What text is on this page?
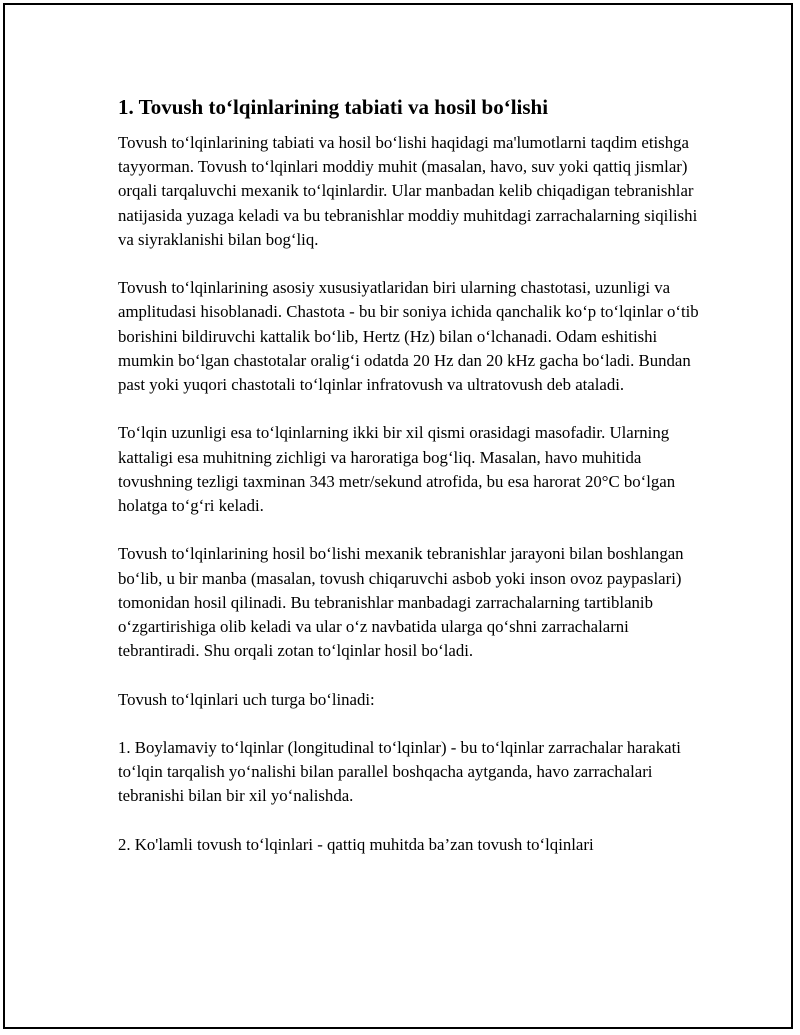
1. Tovush to‘lqinlarining tabiati va hosil bo‘lishi

Tovush to‘lqinlarining tabiati va hosil bo‘lishi haqidagi ma'lumotlarni taqdim etishga tayyorman. Tovush to‘lqinlari moddiy muhit (masalan, havo, suv yoki qattiq jismlar) orqali tarqaluvchi mexanik to‘lqinlardir. Ular manbadan kelib chiqadigan tebranishlar natijasida yuzaga keladi va bu tebranishlar moddiy muhitdagi zarrachalarning siqilishi va siyraklanishi bilan bog‘liq.

Tovush to‘lqinlarining asosiy xususiyatlaridan biri ularning chastotasi, uzunligi va amplitudasi hisoblanadi. Chastota - bu bir soniya ichida qanchalik ko‘p to‘lqinlar o‘tib borishini bildiruvchi kattalik bo‘lib, Hertz (Hz) bilan o‘lchanadi. Odam eshitishi mumkin bo‘lgan chastotalar oralig‘i odatda 20 Hz dan 20 kHz gacha bo‘ladi. Bundan past yoki yuqori chastotali to‘lqinlar infratovush va ultratovush deb ataladi.

To‘lqin uzunligi esa to‘lqinlarning ikki bir xil qismi orasidagi masofadir. Ularning kattaligi esa muhitning zichligi va haroratiga bog‘liq. Masalan, havo muhitida tovushning tezligi taxminan 343 metr/sekund atrofida, bu esa harorat 20°C bo‘lgan holatga to‘g‘ri keladi.

Tovush to‘lqinlarining hosil bo‘lishi mexanik tebranishlar jarayoni bilan boshlangan bo‘lib, u bir manba (masalan, tovush chiqaruvchi asbob yoki inson ovoz paypaslari) tomonidan hosil qilinadi. Bu tebranishlar manbadagi zarrachalarning tartiblanib o‘zgartirishiga olib keladi va ular o‘z navbatida ularga qo‘shni zarrachalarni tebrantiradi. Shu orqali zotan to‘lqinlar hosil bo‘ladi.

Tovush to‘lqinlari uch turga bo‘linadi:

1. Boylamaviy to‘lqinlar (longitudinal to‘lqinlar) - bu to‘lqinlar zarrachalar harakati to‘lqin tarqalish yo‘nalishi bilan parallel boshqacha aytganda, havo zarrachalari tebranishi bilan bir xil yo‘nalishda.

2. Ko'lamli tovush to‘lqinlari - qattiq muhitda ba’zan tovush to‘lqinlari
